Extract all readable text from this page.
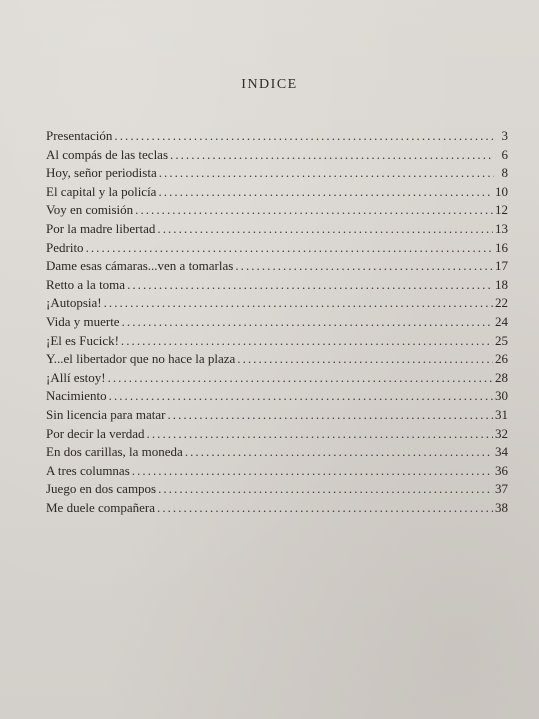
INDICE
Presentación . . .	3
Al compás de las teclas . . .	6
Hoy, señor periodista . . .	8
El capital y la policía . . .	10
Voy en comisión . . .	12
Por la madre libertad . . .	13
Pedrito . . .	16
Dame esas cámaras...ven a tomarlas . . .	17
Retto a la toma . . .	18
¡Autopsia! . . .	22
Vida y muerte . . .	24
¡El es Fucick! . . .	25
Y...el libertador que no hace la plaza . . .	26
¡Allí estoy! . . .	28
Nacimiento . . .	30
Sin licencia para matar . . .	31
Por decir la verdad . . .	32
En dos carillas, la moneda . . .	34
A tres columnas . . .	36
Juego en dos campos . . .	37
Me duele compañera . . .	38
